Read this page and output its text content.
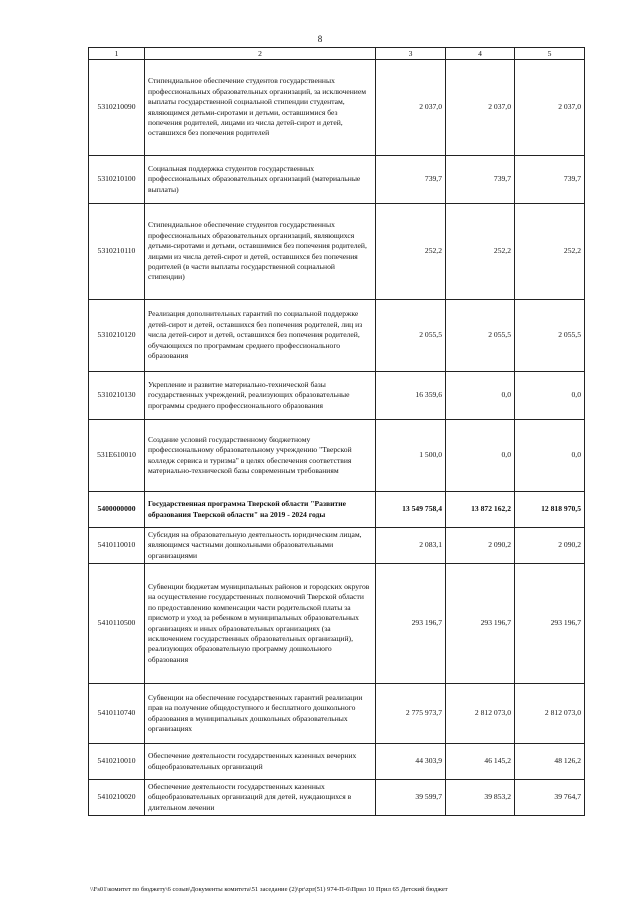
8
1	2	3	4	5
5310210090	Стипендиальное обеспечение студентов государственных профессиональных образовательных организаций, за исключением выплаты государственной социальной стипендии студентам, являющимся детьми-сиротами и детьми, оставшимися без попечения родителей, лицами из числа детей-сирот и детей, оставшихся без попечения родителей	2 037,0	2 037,0	2 037,0
5310210100	Социальная поддержка студентов государственных профессиональных образовательных организаций (материальные выплаты)	739,7	739,7	739,7
5310210110	Стипендиальное обеспечение студентов государственных профессиональных образовательных организаций, являющихся детьми-сиротами и детьми, оставшимися без попечения родителей, лицами из числа детей-сирот и детей, оставшихся без попечения родителей (в части выплаты государственной социальной стипендии)	252,2	252,2	252,2
5310210120	Реализация дополнительных гарантий по социальной поддержке детей-сирот и детей, оставшихся без попечения родителей, лиц из числа детей-сирот и детей, оставшихся без попечения родителей, обучающихся по программам среднего профессионального образования	2 055,5	2 055,5	2 055,5
5310210130	Укрепление и развитие материально-технической базы государственных учреждений, реализующих образовательные программы среднего профессионального образования	16 359,6	0,0	0,0
531E610010	Создание условий государственному бюджетному профессиональному образовательному учреждению "Тверской колледж сервиса и туризма" в целях обеспечения соответствия материально-технической базы современным требованиям	1 500,0	0,0	0,0
5400000000	Государственная программа Тверской области "Развитие образования Тверской области" на 2019 - 2024 годы	13 549 758,4	13 872 162,2	12 818 970,5
5410110010	Субсидия на образовательную деятельность юридическим лицам, являющимся частными дошкольными образовательными организациями	2 083,1	2 090,2	2 090,2
5410110500	Субвенции бюджетам муниципальных районов и городских округов на осуществление государственных полномочий Тверской области по предоставлению компенсации части родительской платы за присмотр и уход за ребенком в муниципальных образовательных организациях и иных образовательных организациях (за исключением государственных образовательных организаций), реализующих образовательную программу дошкольного образования	293 196,7	293 196,7	293 196,7
5410110740	Субвенции на обеспечение государственных гарантий реализации прав на получение общедоступного и бесплатного дошкольного образования в муниципальных дошкольных образовательных организациях	2 775 973,7	2 812 073,0	2 812 073,0
5410210010	Обеспечение деятельности государственных казенных вечерних общеобразовательных организаций	44 303,9	46 145,2	48 126,2
5410210020	Обеспечение деятельности государственных казенных общеобразовательных организаций для детей, нуждающихся в длительном лечении	39 599,7	39 853,2	39 764,7
\\Fs01\комитет по бюджету\6 созыв\Документы комитета\51 заседание (2)\pr\zpr(51) 974-П-6\Прил 10 Прил 65 Детский бюджет
